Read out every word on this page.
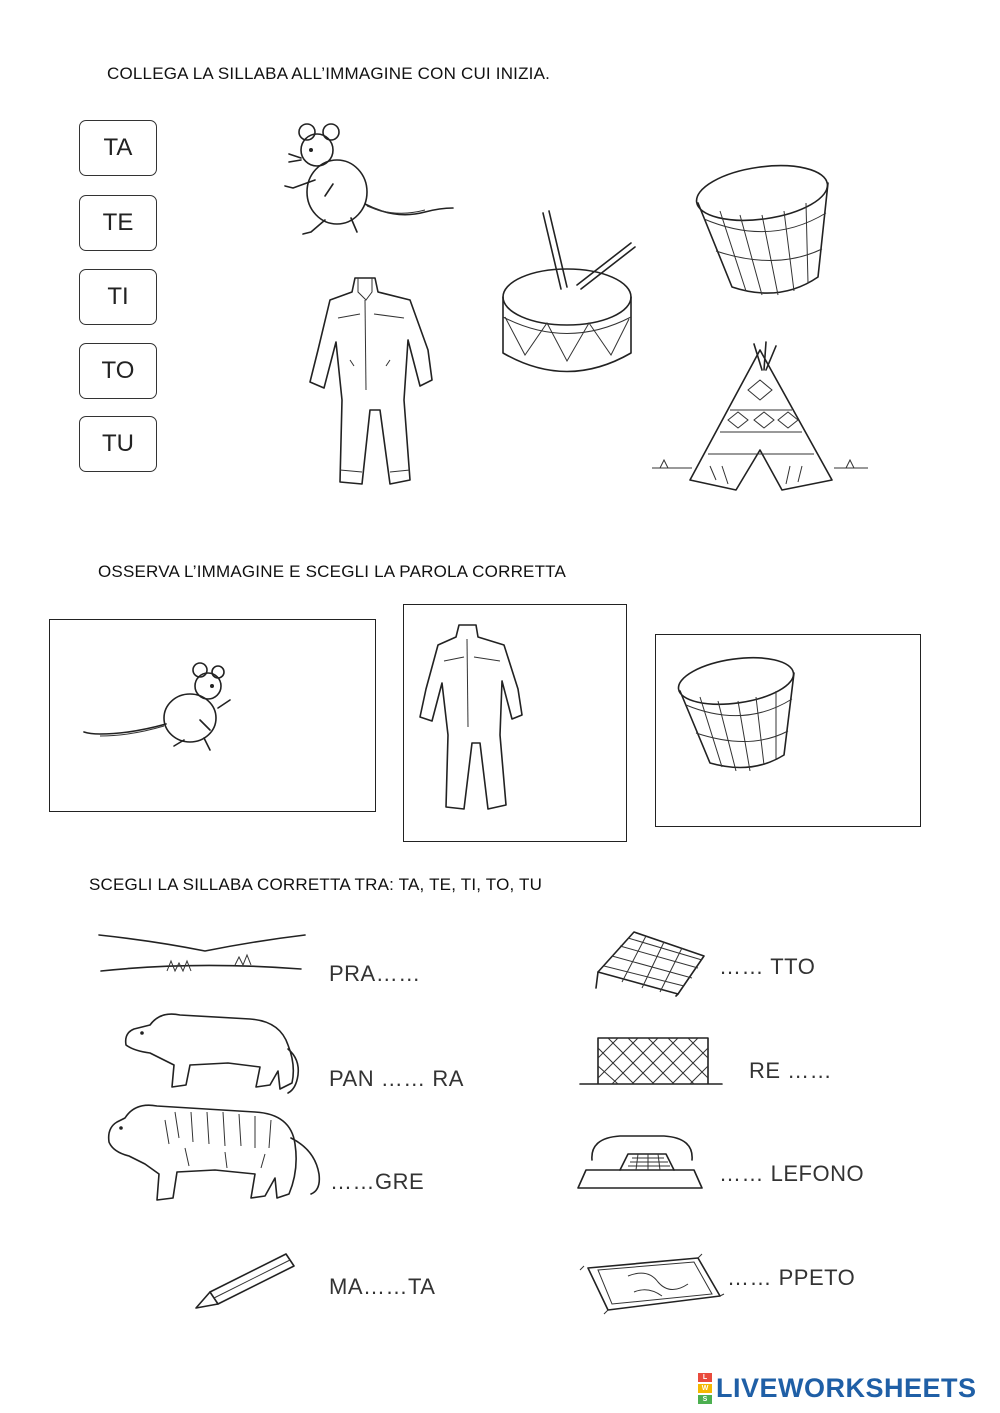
COLLEGA LA SILLABA ALL’IMMAGINE CON CUI INIZIA.
TA
TE
TI
TO
TU
OSSERVA L’IMMAGINE E SCEGLI LA PAROLA CORRETTA
SCEGLI LA SILLABA CORRETTA TRA: TA, TE, TI, TO, TU
PRA……
PAN …… RA
……GRE
MA……TA
…… TTO
RE ……
…… LEFONO
…… PPETO
L
W
S LIVEWORKSHEETS
